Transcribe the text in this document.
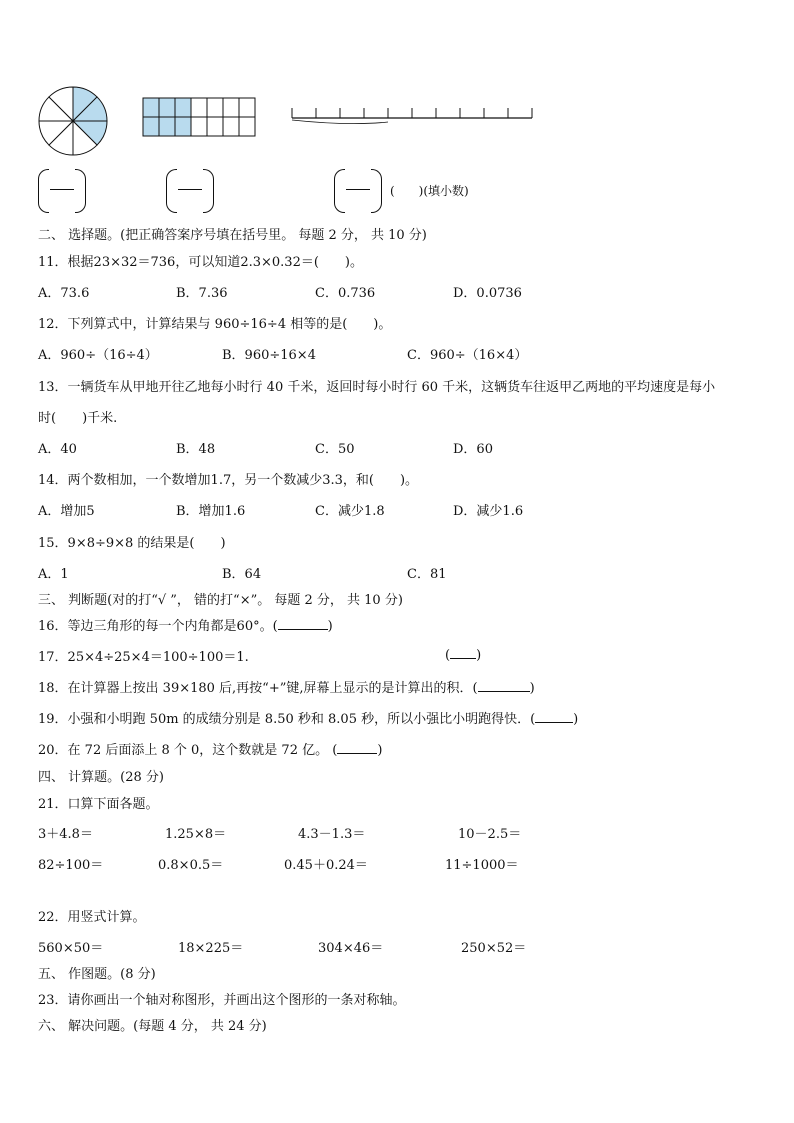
(　　)(填小数)
二、 选择题。(把正确答案序号填在括号里。 每题 2 分， 共 10 分)
11．根据23×32＝736，可以知道2.3×0.32＝(　　)。
A．73.6	B．7.36	C．0.736	D．0.0736
12．下列算式中，计算结果与 960÷16÷4 相等的是(　　)。
A．960÷（16÷4）	B．960÷16×4	C．960÷（16×4）
13．一辆货车从甲地开往乙地每小时行 40 千米，返回时每小时行 60 千米，这辆货车往返甲乙两地的平均速度是每小
时(　　)千米.
A．40	B．48	C．50	D．60
14．两个数相加，一个数增加1.7，另一个数减少3.3，和(　　)。
A．增加5	B．增加1.6	C．减少1.8	D．减少1.6
15．9×8÷9×8 的结果是(　　)
A．1	B．64	C．81
三、 判断题(对的打“√ ”， 错的打“×”。 每题 2 分， 共 10 分)
16．等边三角形的每一个内角都是60°。(	)
17．25×4÷25×4＝100÷100＝1.	( )
18．在计算器上按出 39×180 后,再按“+”键,屏幕上显示的是计算出的积．(	)
19．小强和小明跑 50m 的成绩分别是 8.50 秒和 8.05 秒，所以小强比小明跑得快．(	)
20．在 72 后面添上 8 个 0，这个数就是 72 亿。 (	)
四、 计算题。(28 分)
21．口算下面各题。
3＋4.8＝	1.25×8＝	4.3－1.3＝	10－2.5＝
82÷100＝	0.8×0.5＝	0.45＋0.24＝	11÷1000＝
22．用竖式计算。
560×50＝	18×225＝	304×46＝	250×52＝
五、 作图题。(8 分)
23．请你画出一个轴对称图形，并画出这个图形的一条对称轴。
六、 解决问题。(每题 4 分， 共 24 分)
